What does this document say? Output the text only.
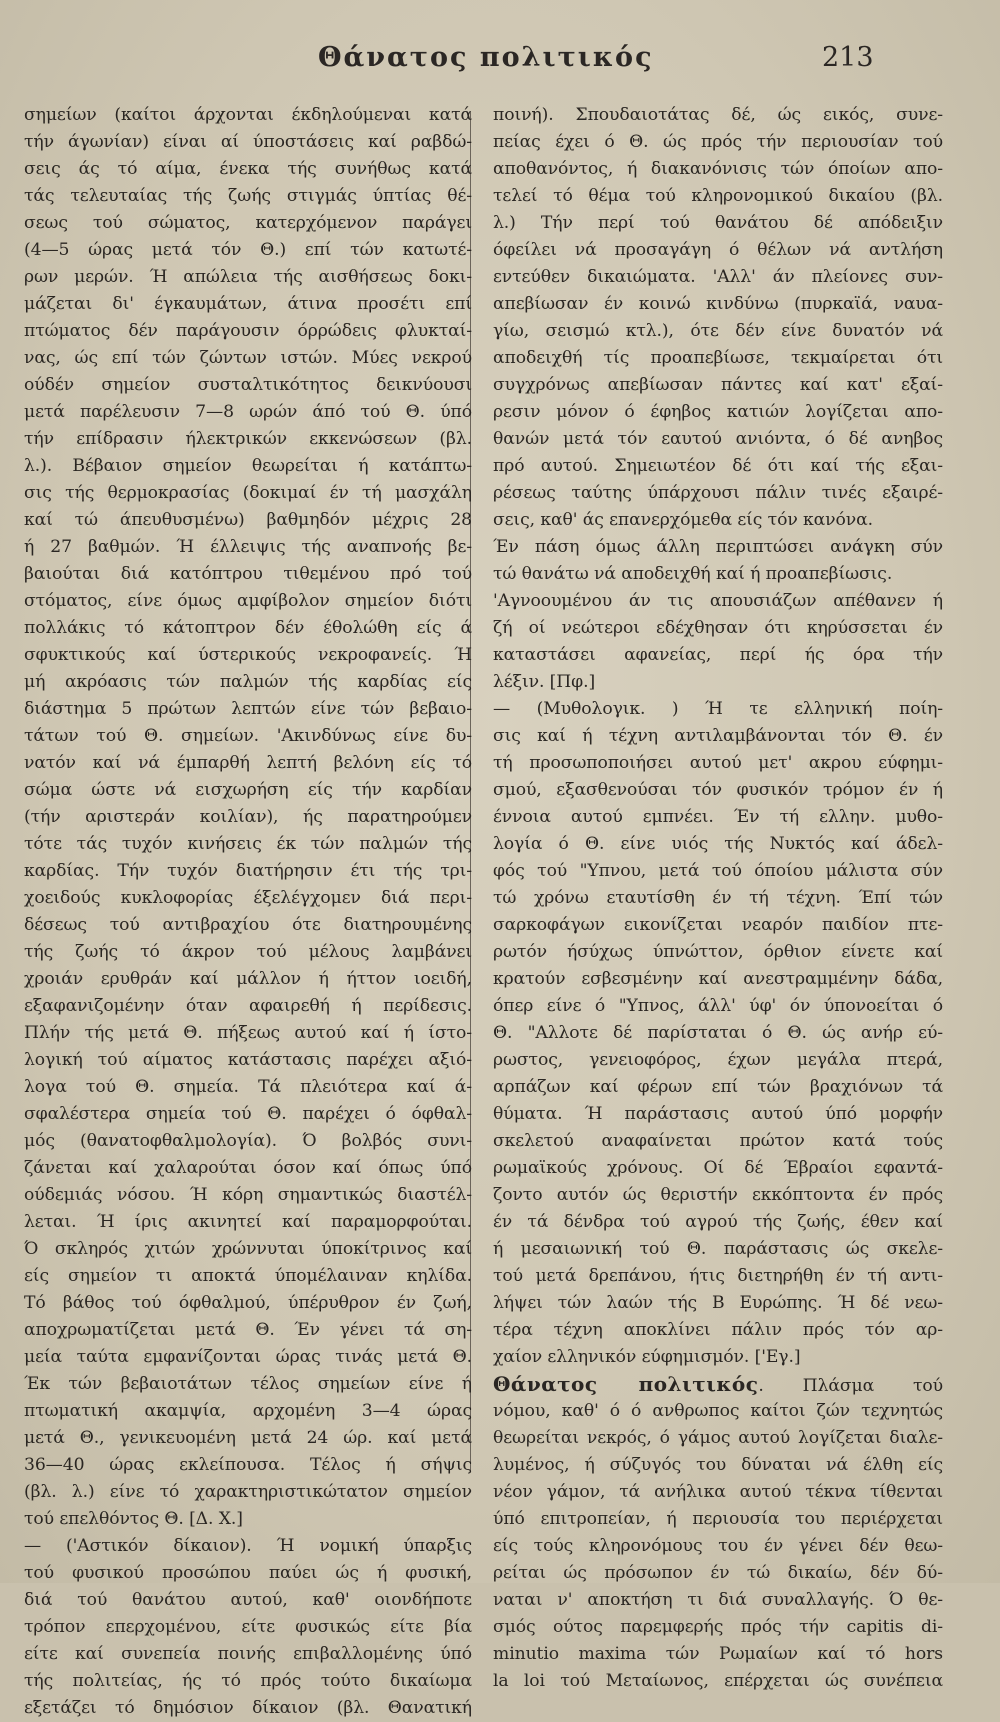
Θάνατος πολιτικός	213
σημείων (καίτοι άρχονται έκδηλούμεναι κατά
τήν άγωνίαν) είναι αί ύποστάσεις καί ραβδώ-
σεις άς τό αίμα, ένεκα τής συνήθως κατά
τάς τελευταίας τής ζωής στιγμάς ύπτίας θέ-
σεως τού σώματος, κατερχόμενον παράγει
(4—5 ώρας μετά τόν Θ.) επί τών κατωτέ-
ρων μερών. Ή απώλεια τής αισθήσεως δοκι-
μάζεται δι' έγκαυμάτων, άτινα προσέτι επί
πτώματος δέν παράγουσιν όρρώδεις φλυκταί-
νας, ώς επί τών ζώντων ιστών. Μύες νεκρού
ούδέν σημείον συσταλτικότητος δεικνύουσι
μετά παρέλευσιν 7—8 ωρών άπό τού Θ. ύπό
τήν επίδρασιν ήλεκτρικών εκκενώσεων (βλ.
λ.). Βέβαιον σημείον θεωρείται ή κατάπτω-
σις τής θερμοκρασίας (δοκιμαί έν τή μασχάλη
καί τώ άπευθυσμένω) βαθμηδόν μέχρις 28
ή 27 βαθμών. Ή έλλειψις τής αναπνοής βε-
βαιούται διά κατόπτρου τιθεμένου πρό τού
στόματος, είνε όμως αμφίβολον σημείον διότι
πολλάκις τό κάτοπτρον δέν έθολώθη είς ά
σφυκτικούς καί ύστερικούς νεκροφανείς. Ή
μή ακρόασις τών παλμών τής καρδίας είς
διάστημα 5 πρώτων λεπτών είνε τών βεβαιο-
τάτων τού Θ. σημείων. 'Ακινδύνως είνε δυ-
νατόν καί νά έμπαρθή λεπτή βελόνη είς τό
σώμα ώστε νά εισχωρήση είς τήν καρδίαν
(τήν αριστεράν κοιλίαν), ής παρατηρούμεν
τότε τάς τυχόν κινήσεις έκ τών παλμών τής
καρδίας. Τήν τυχόν διατήρησιν έτι τής τρι-
χοειδούς κυκλοφορίας έξελέγχομεν διά περι-
δέσεως τού αντιβραχίου ότε διατηρουμένης
τής ζωής τό άκρον τού μέλους λαμβάνει
χροιάν ερυθράν καί μάλλον ή ήττον ιοειδή,
εξαφανιζομένην όταν αφαιρεθή ή περίδεσις.
Πλήν τής μετά Θ. πήξεως αυτού καί ή ίστο-
λογική τού αίματος κατάστασις παρέχει αξιό-
λογα τού Θ. σημεία. Τά πλειότερα καί ά-
σφαλέστερα σημεία τού Θ. παρέχει ό όφθαλ-
μός (θανατοφθαλμολογία). Ό βολβός συνι-
ζάνεται καί χαλαρούται όσον καί όπως ύπό
ούδεμιάς νόσου. Ή κόρη σημαντικώς διαστέλ-
λεται. Ή ίρις ακινητεί καί παραμορφούται.
Ό σκληρός χιτών χρώννυται ύποκίτρινος καί
είς σημείον τι αποκτά ύπομέλαιναν κηλίδα.
Τό βάθος τού όφθαλμού, ύπέρυθρον έν ζωή,
αποχρωματίζεται μετά Θ. Έν γένει τά ση-
μεία ταύτα εμφανίζονται ώρας τινάς μετά Θ.
Έκ τών βεβαιοτάτων τέλος σημείων είνε ή
πτωματική ακαμψία, αρχομένη 3—4 ώρας
μετά Θ., γενικευομένη μετά 24 ώρ. καί μετά
36—40 ώρας εκλείπουσα. Τέλος ή σήψις
(βλ. λ.) είνε τό χαρακτηριστικώτατον σημείον
τού επελθόντος Θ. [Δ. Χ.]
— ('Αστικόν δίκαιον). Ή νομική ύπαρξις
τού φυσικού προσώπου παύει ώς ή φυσική,
διά τού θανάτου αυτού, καθ' οιονδήποτε
τρόπον επερχομένου, είτε φυσικώς είτε βία
είτε καί συνεπεία ποινής επιβαλλομένης ύπό
τής πολιτείας, ής τό πρός τούτο δικαίωμα
εξετάζει τό δημόσιον δίκαιον (βλ. Θανατική
ποινή). Σπουδαιοτάτας δέ, ώς εικός, συνε-
πείας έχει ό Θ. ώς πρός τήν περιουσίαν τού
αποθανόντος, ή διακανόνισις τών όποίων απο-
τελεί τό θέμα τού κληρονομικού δικαίου (βλ.
λ.) Τήν περί τού θανάτου δέ απόδειξιν
όφείλει νά προσαγάγη ό θέλων νά αντλήση
εντεύθεν δικαιώματα. 'Αλλ' άν πλείονες συν-
απεβίωσαν έν κοινώ κινδύνω (πυρκαϊά, ναυα-
γίω, σεισμώ κτλ.), ότε δέν είνε δυνατόν νά
αποδειχθή τίς προαπεβίωσε, τεκμαίρεται ότι
συγχρόνως απεβίωσαν πάντες καί κατ' εξαί-
ρεσιν μόνον ό έφηβος κατιών λογίζεται απο-
θανών μετά τόν εαυτού ανιόντα, ό δέ ανηβος
πρό αυτού. Σημειωτέον δέ ότι καί τής εξαι-
ρέσεως ταύτης ύπάρχουσι πάλιν τινές εξαιρέ-
σεις, καθ' άς επανερχόμεθα είς τόν κανόνα.
Έν πάση όμως άλλη περιπτώσει ανάγκη σύν
τώ θανάτω νά αποδειχθή καί ή προαπεβίωσις.
'Αγνοουμένου άν τις απουσιάζων απέθανεν ή
ζή οί νεώτεροι εδέχθησαν ότι κηρύσσεται έν
καταστάσει αφανείας, περί ής όρα τήν
λέξιν. [Πφ.]
— (Μυθολογικ. ) Ή τε ελληνική ποίη-
σις καί ή τέχνη αντιλαμβάνονται τόν Θ. έν
τή προσωποποιήσει αυτού μετ' ακρου εύφημι-
σμού, εξασθενούσαι τόν φυσικόν τρόμον έν ή
έννοια αυτού εμπνέει. Έν τή ελλην. μυθο-
λογία ό Θ. είνε υιός τής Νυκτός καί άδελ-
φός τού "Υπνου, μετά τού όποίου μάλιστα σύν
τώ χρόνω εταυτίσθη έν τή τέχνη. Έπί τών
σαρκοφάγων εικονίζεται νεαρόν παιδίον πτε-
ρωτόν ήσύχως ύπνώττον, όρθιον είνετε καί
κρατούν εσβεσμένην καί ανεστραμμένην δάδα,
όπερ είνε ό "Υπνος, άλλ' ύφ' όν ύπονοείται ό
Θ. "Αλλοτε δέ παρίσταται ό Θ. ώς ανήρ εύ-
ρωστος, γενειοφόρος, έχων μεγάλα πτερά,
αρπάζων καί φέρων επί τών βραχιόνων τά
θύματα. Ή παράστασις αυτού ύπό μορφήν
σκελετού αναφαίνεται πρώτον κατά τούς
ρωμαϊκούς χρόνους. Οί δέ Έβραίοι εφαντά-
ζοντο αυτόν ώς θεριστήν εκκόπτοντα έν πρός
έν τά δένδρα τού αγρού τής ζωής, έθεν καί
ή μεσαιωνική τού Θ. παράστασις ώς σκελε-
τού μετά δρεπάνου, ήτις διετηρήθη έν τή αντι-
λήψει τών λαών τής Β Ευρώπης. Ή δέ νεω-
τέρα τέχνη αποκλίνει πάλιν πρός τόν αρ-
χαίον ελληνικόν εύφημισμόν. ['Εγ.]
Θάνατος πολιτικός. Πλάσμα τού
νόμου, καθ' ό ό ανθρωπος καίτοι ζών τεχνητώς
θεωρείται νεκρός, ό γάμος αυτού λογίζεται διαλε-
λυμένος, ή σύζυγός του δύναται νά έλθη είς
νέον γάμον, τά ανήλικα αυτού τέκνα τίθενται
ύπό επιτροπείαν, ή περιουσία του περιέρχεται
είς τούς κληρονόμους του έν γένει δέν θεω-
ρείται ώς πρόσωπον έν τώ δικαίω, δέν δύ-
ναται ν' αποκτήση τι διά συναλλαγής. Ό θε-
σμός ούτος παρεμφερής πρός τήν capitis di-
minutio maxima τών Ρωμαίων καί τό hors
la loi τού Μεταίωνος, επέρχεται ώς συνέπεια
